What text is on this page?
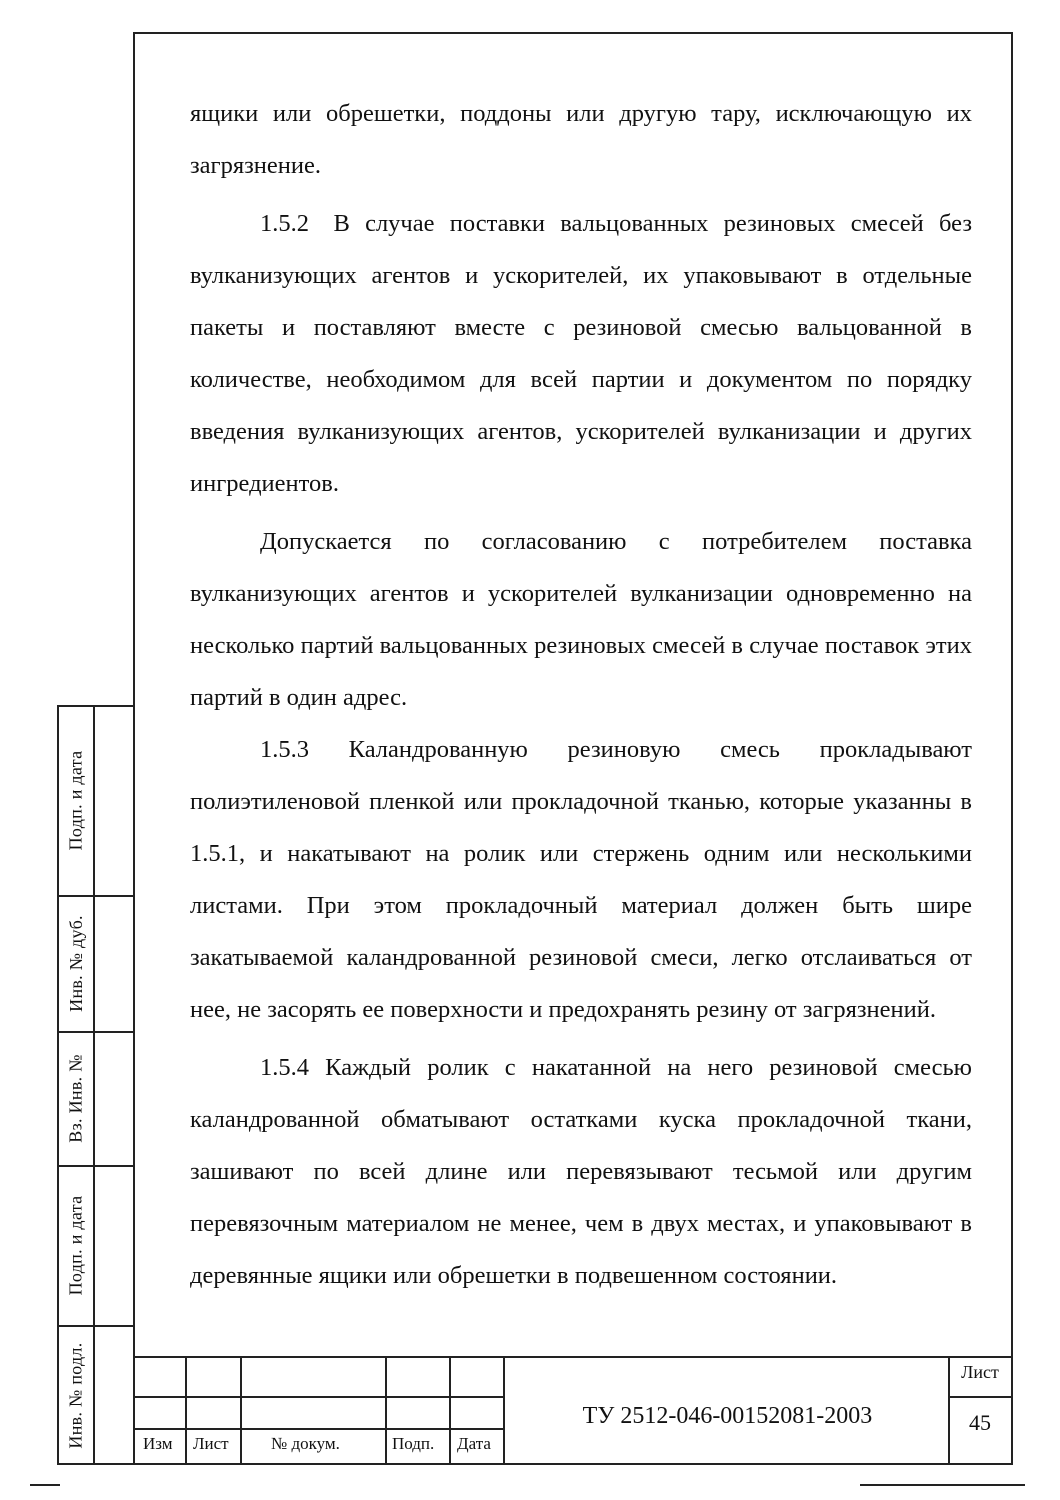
ящики или обрешетки, поддоны или другую тару, исключающую их загрязнение.

1.5.2 В случае поставки вальцованных резиновых смесей без вулканизующих агентов и ускорителей, их упаковывают в отдельные пакеты и поставляют вместе с резиновой смесью вальцованной в количестве, необходимом для всей партии и документом по порядку введения вулканизующих агентов, ускорителей вулканизации и других ингредиентов.

Допускается по согласованию с потребителем поставка вулканизующих агентов и ускорителей вулканизации одновременно на несколько партий вальцованных резиновых смесей в случае поставок этих партий в один адрес.

1.5.3 Каландрованную резиновую смесь прокладывают полиэтиленовой пленкой или прокладочной тканью, которые указанны в 1.5.1, и накатывают на ролик или стержень одним или несколькими листами. При этом прокладочный материал должен быть шире закатываемой каландрованной резиновой смеси, легко отслаиваться от нее, не засорять ее поверхности и предохранять резину от загрязнений.

1.5.4 Каждый ролик с накатанной на него резиновой смесью каландрованной обматывают остатками куска прокладочной ткани, зашивают по всей длине или перевязывают тесьмой или другим перевязочным материалом не менее, чем в двух местах, и упаковывают в деревянные ящики или обрешетки в подвешенном состоянии.

Подп. и дата
Инв. № дуб.
Вз. Инв. №
Подп. и дата
Инв. № подл.	Изм Лист № докум.	Подп. Дата
ТУ 2512-046-00152081-2003
Лист
45
